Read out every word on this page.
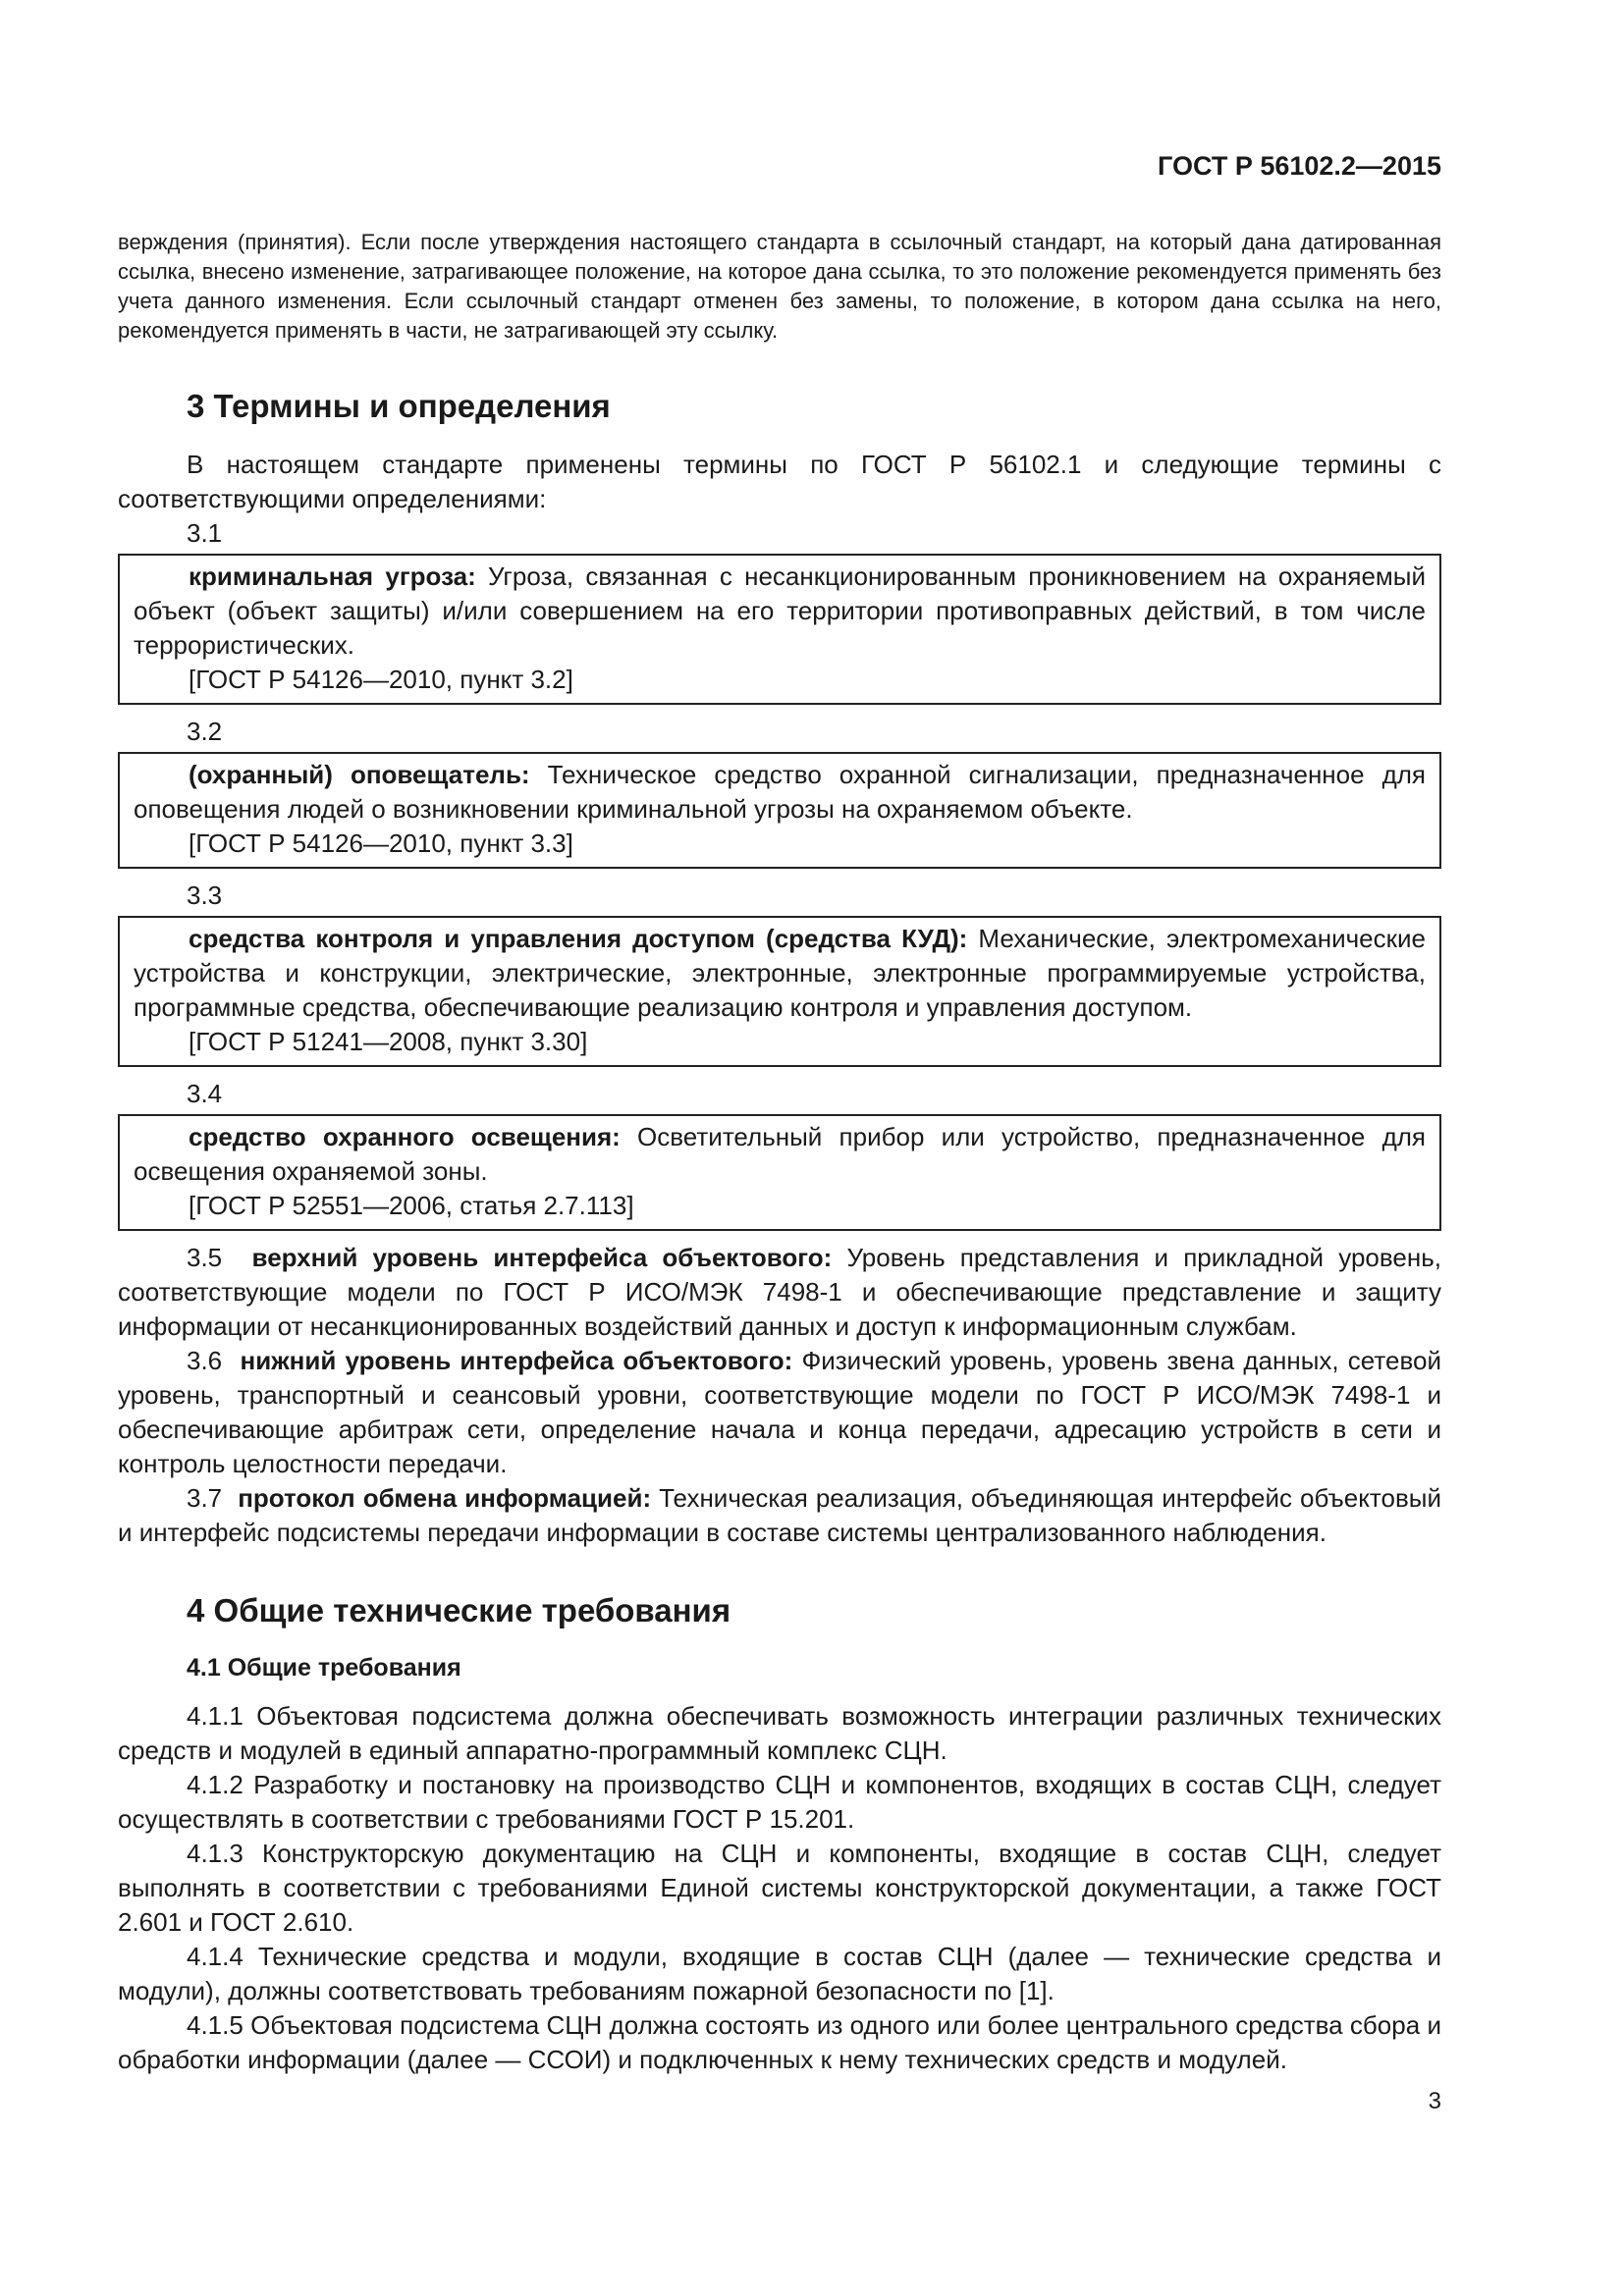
ГОСТ Р 56102.2—2015

верждения (принятия). Если после утверждения настоящего стандарта в ссылочный стандарт, на который дана датированная ссылка, внесено изменение, затрагивающее положение, на которое дана ссылка, то это положение рекомендуется применять без учета данного изменения. Если ссылочный стандарт отменен без замены, то положение, в котором дана ссылка на него, рекомендуется применять в части, не затрагивающей эту ссылку.

3 Термины и определения

В настоящем стандарте применены термины по ГОСТ Р 56102.1 и следующие термины с соответствующими определениями:

3.1

криминальная угроза: Угроза, связанная с несанкционированным проникновением на охраняемый объект (объект защиты) и/или совершением на его территории противоправных действий, в том числе террористических.

[ГОСТ Р 54126—2010, пункт 3.2]

3.2

(охранный) оповещатель: Техническое средство охранной сигнализации, предназначенное для оповещения людей о возникновении криминальной угрозы на охраняемом объекте.

[ГОСТ Р 54126—2010, пункт 3.3]

3.3

средства контроля и управления доступом (средства КУД): Механические, электромеханические устройства и конструкции, электрические, электронные, электронные программируемые устройства, программные средства, обеспечивающие реализацию контроля и управления доступом.

[ГОСТ Р 51241—2008, пункт 3.30]

3.4

средство охранного освещения: Осветительный прибор или устройство, предназначенное для освещения охраняемой зоны.

[ГОСТ Р 52551—2006, статья 2.7.113]

3.5 верхний уровень интерфейса объектового: Уровень представления и прикладной уровень, соответствующие модели по ГОСТ Р ИСО/МЭК 7498-1 и обеспечивающие представление и защиту информации от несанкционированных воздействий данных и доступ к информационным службам.

3.6 нижний уровень интерфейса объектового: Физический уровень, уровень звена данных, сетевой уровень, транспортный и сеансовый уровни, соответствующие модели по ГОСТ Р ИСО/МЭК 7498-1 и обеспечивающие арбитраж сети, определение начала и конца передачи, адресацию устройств в сети и контроль целостности передачи.

3.7 протокол обмена информацией: Техническая реализация, объединяющая интерфейс объектовый и интерфейс подсистемы передачи информации в составе системы централизованного наблюдения.

4 Общие технические требования
4.1 Общие требования

4.1.1 Объектовая подсистема должна обеспечивать возможность интеграции различных технических средств и модулей в единый аппаратно-программный комплекс СЦН.

4.1.2 Разработку и постановку на производство СЦН и компонентов, входящих в состав СЦН, следует осуществлять в соответствии с требованиями ГОСТ Р 15.201.

4.1.3 Конструкторскую документацию на СЦН и компоненты, входящие в состав СЦН, следует выполнять в соответствии с требованиями Единой системы конструкторской документации, а также ГОСТ 2.601 и ГОСТ 2.610.

4.1.4 Технические средства и модули, входящие в состав СЦН (далее — технические средства и модули), должны соответствовать требованиям пожарной безопасности по [1].

4.1.5 Объектовая подсистема СЦН должна состоять из одного или более центрального средства сбора и обработки информации (далее — ССОИ) и подключенных к нему технических средств и модулей.

3
